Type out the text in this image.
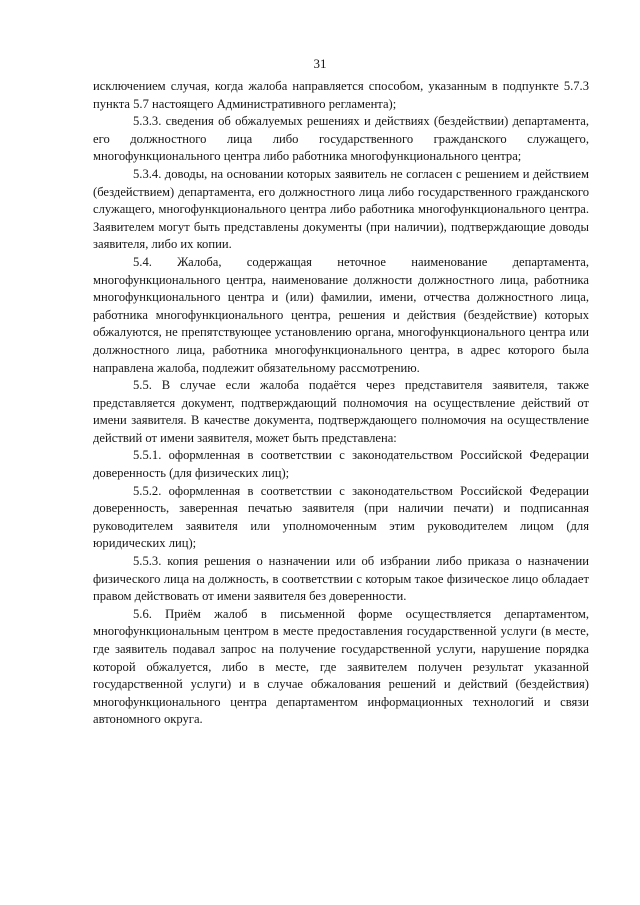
31

исключением случая, когда жалоба направляется способом, указанным в подпункте 5.7.3 пункта 5.7 настоящего Административного регламента);

5.3.3. сведения об обжалуемых решениях и действиях (бездействии) департамента, его должностного лица либо государственного гражданского служащего, многофункционального центра либо работника многофункционального центра;

5.3.4. доводы, на основании которых заявитель не согласен с решением и действием (бездействием) департамента, его должностного лица либо государственного гражданского служащего, многофункционального центра либо работника многофункционального центра. Заявителем могут быть представлены документы (при наличии), подтверждающие доводы заявителя, либо их копии.

5.4. Жалоба, содержащая неточное наименование департамента, многофункционального центра, наименование должности должностного лица, работника многофункционального центра и (или) фамилии, имени, отчества должностного лица, работника многофункционального центра, решения и действия (бездействие) которых обжалуются, не препятствующее установлению органа, многофункционального центра или должностного лица, работника многофункционального центра, в адрес которого была направлена жалоба, подлежит обязательному рассмотрению.

5.5. В случае если жалоба подаётся через представителя заявителя, также представляется документ, подтверждающий полномочия на осуществление действий от имени заявителя. В качестве документа, подтверждающего полномочия на осуществление действий от имени заявителя, может быть представлена:

5.5.1. оформленная в соответствии с законодательством Российской Федерации доверенность (для физических лиц);

5.5.2. оформленная в соответствии с законодательством Российской Федерации доверенность, заверенная печатью заявителя (при наличии печати) и подписанная руководителем заявителя или уполномоченным этим руководителем лицом (для юридических лиц);

5.5.3. копия решения о назначении или об избрании либо приказа о назначении физического лица на должность, в соответствии с которым такое физическое лицо обладает правом действовать от имени заявителя без доверенности.

5.6. Приём жалоб в письменной форме осуществляется департаментом, многофункциональным центром в месте предоставления государственной услуги (в месте, где заявитель подавал запрос на получение государственной услуги, нарушение порядка которой обжалуется, либо в месте, где заявителем получен результат указанной государственной услуги) и в случае обжалования решений и действий (бездействия) многофункционального центра департаментом информационных технологий и связи автономного округа.
